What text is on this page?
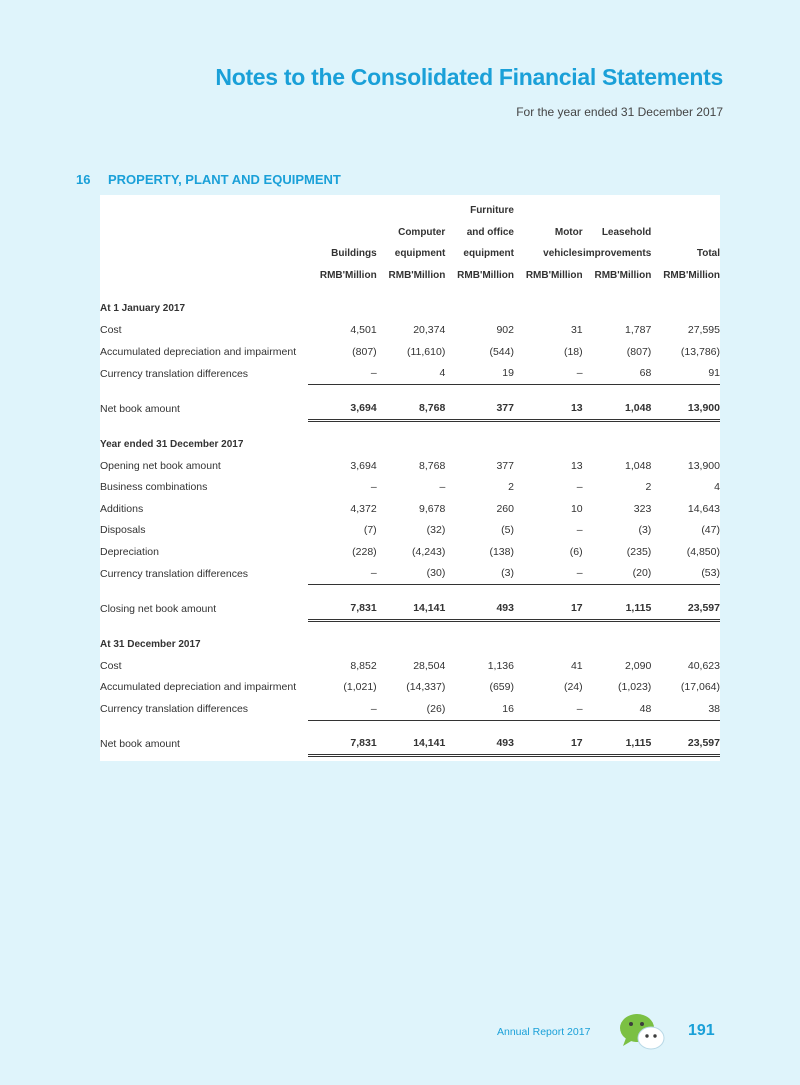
Notes to the Consolidated Financial Statements
For the year ended 31 December 2017
16 PROPERTY, PLANT AND EQUIPMENT
			Furniture			
		Computer	and office	Motor	Leasehold	
	Buildings	equipment	equipment	vehicles	improvements	Total
	RMB'Million	RMB'Million	RMB'Million	RMB'Million	RMB'Million	RMB'Million

At 1 January 2017						
Cost	4,501	20,374	902	31	1,787	27,595
Accumulated depreciation and impairment	(807)	(11,610)	(544)	(18)	(807)	(13,786)
Currency translation differences	–	4	19	–	68	91

Net book amount	3,694	8,768	377	13	1,048	13,900

Year ended 31 December 2017						
Opening net book amount	3,694	8,768	377	13	1,048	13,900
Business combinations	–	–	2	–	2	4
Additions	4,372	9,678	260	10	323	14,643
Disposals	(7)	(32)	(5)	–	(3)	(47)
Depreciation	(228)	(4,243)	(138)	(6)	(235)	(4,850)
Currency translation differences	–	(30)	(3)	–	(20)	(53)

Closing net book amount	7,831	14,141	493	17	1,115	23,597

At 31 December 2017						
Cost	8,852	28,504	1,136	41	2,090	40,623
Accumulated depreciation and impairment	(1,021)	(14,337)	(659)	(24)	(1,023)	(17,064)
Currency translation differences	–	(26)	16	–	48	38

Net book amount	7,831	14,141	493	17	1,115	23,597
Annual Report 2017	191
